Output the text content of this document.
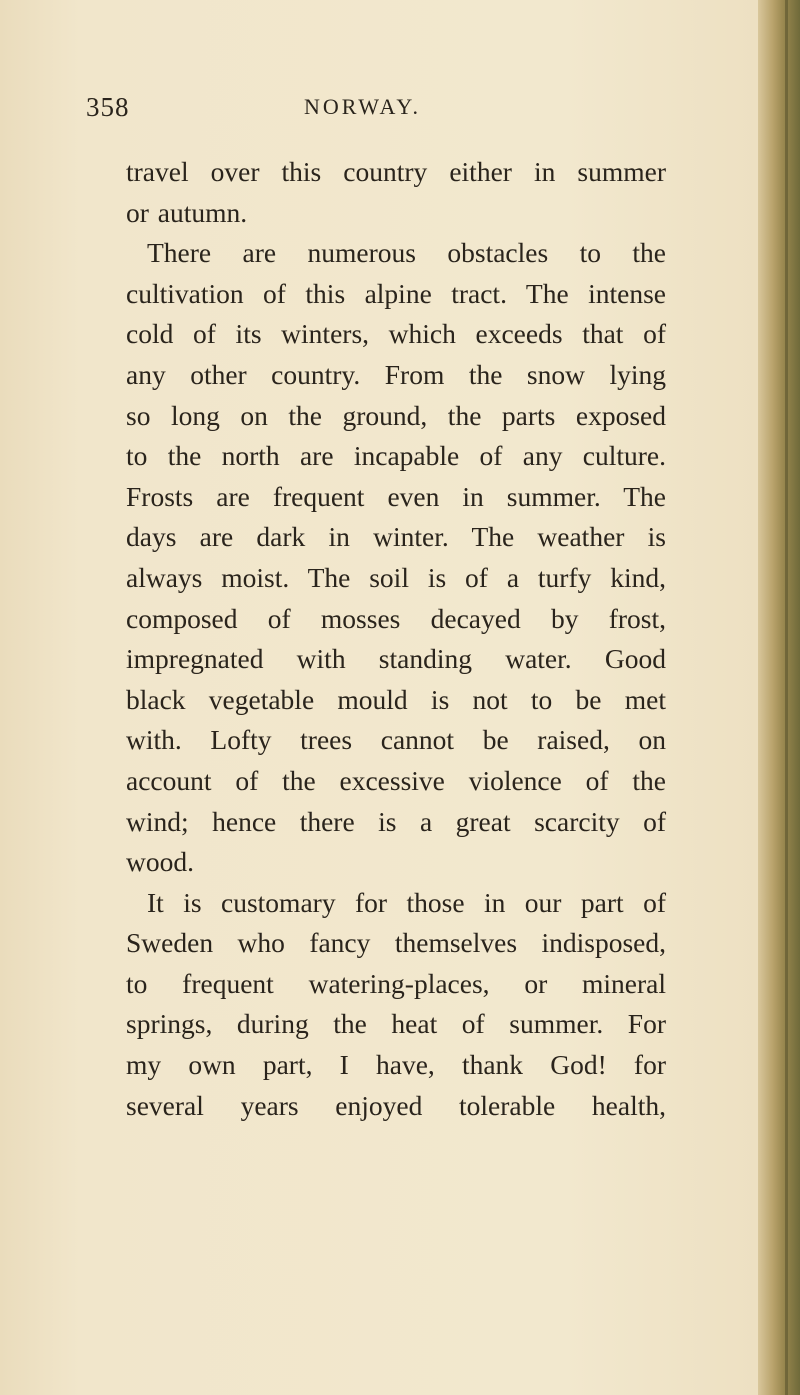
358	NORWAY.
travel over this country either in summer
or autumn.
There are numerous obstacles to the
cultivation of this alpine tract. The intense
cold of its winters, which exceeds that of
any other country. From the snow lying
so long on the ground, the parts exposed
to the north are incapable of any culture.
Frosts are frequent even in summer. The
days are dark in winter. The weather is
always moist. The soil is of a turfy kind,
composed of mosses decayed by frost,
impregnated with standing water. Good
black vegetable mould is not to be met
with. Lofty trees cannot be raised, on
account of the excessive violence of the
wind; hence there is a great scarcity of
wood.
It is customary for those in our part of
Sweden who fancy themselves indisposed,
to frequent watering-places, or mineral
springs, during the heat of summer. For
my own part, I have, thank God! for
several years enjoyed tolerable health,
